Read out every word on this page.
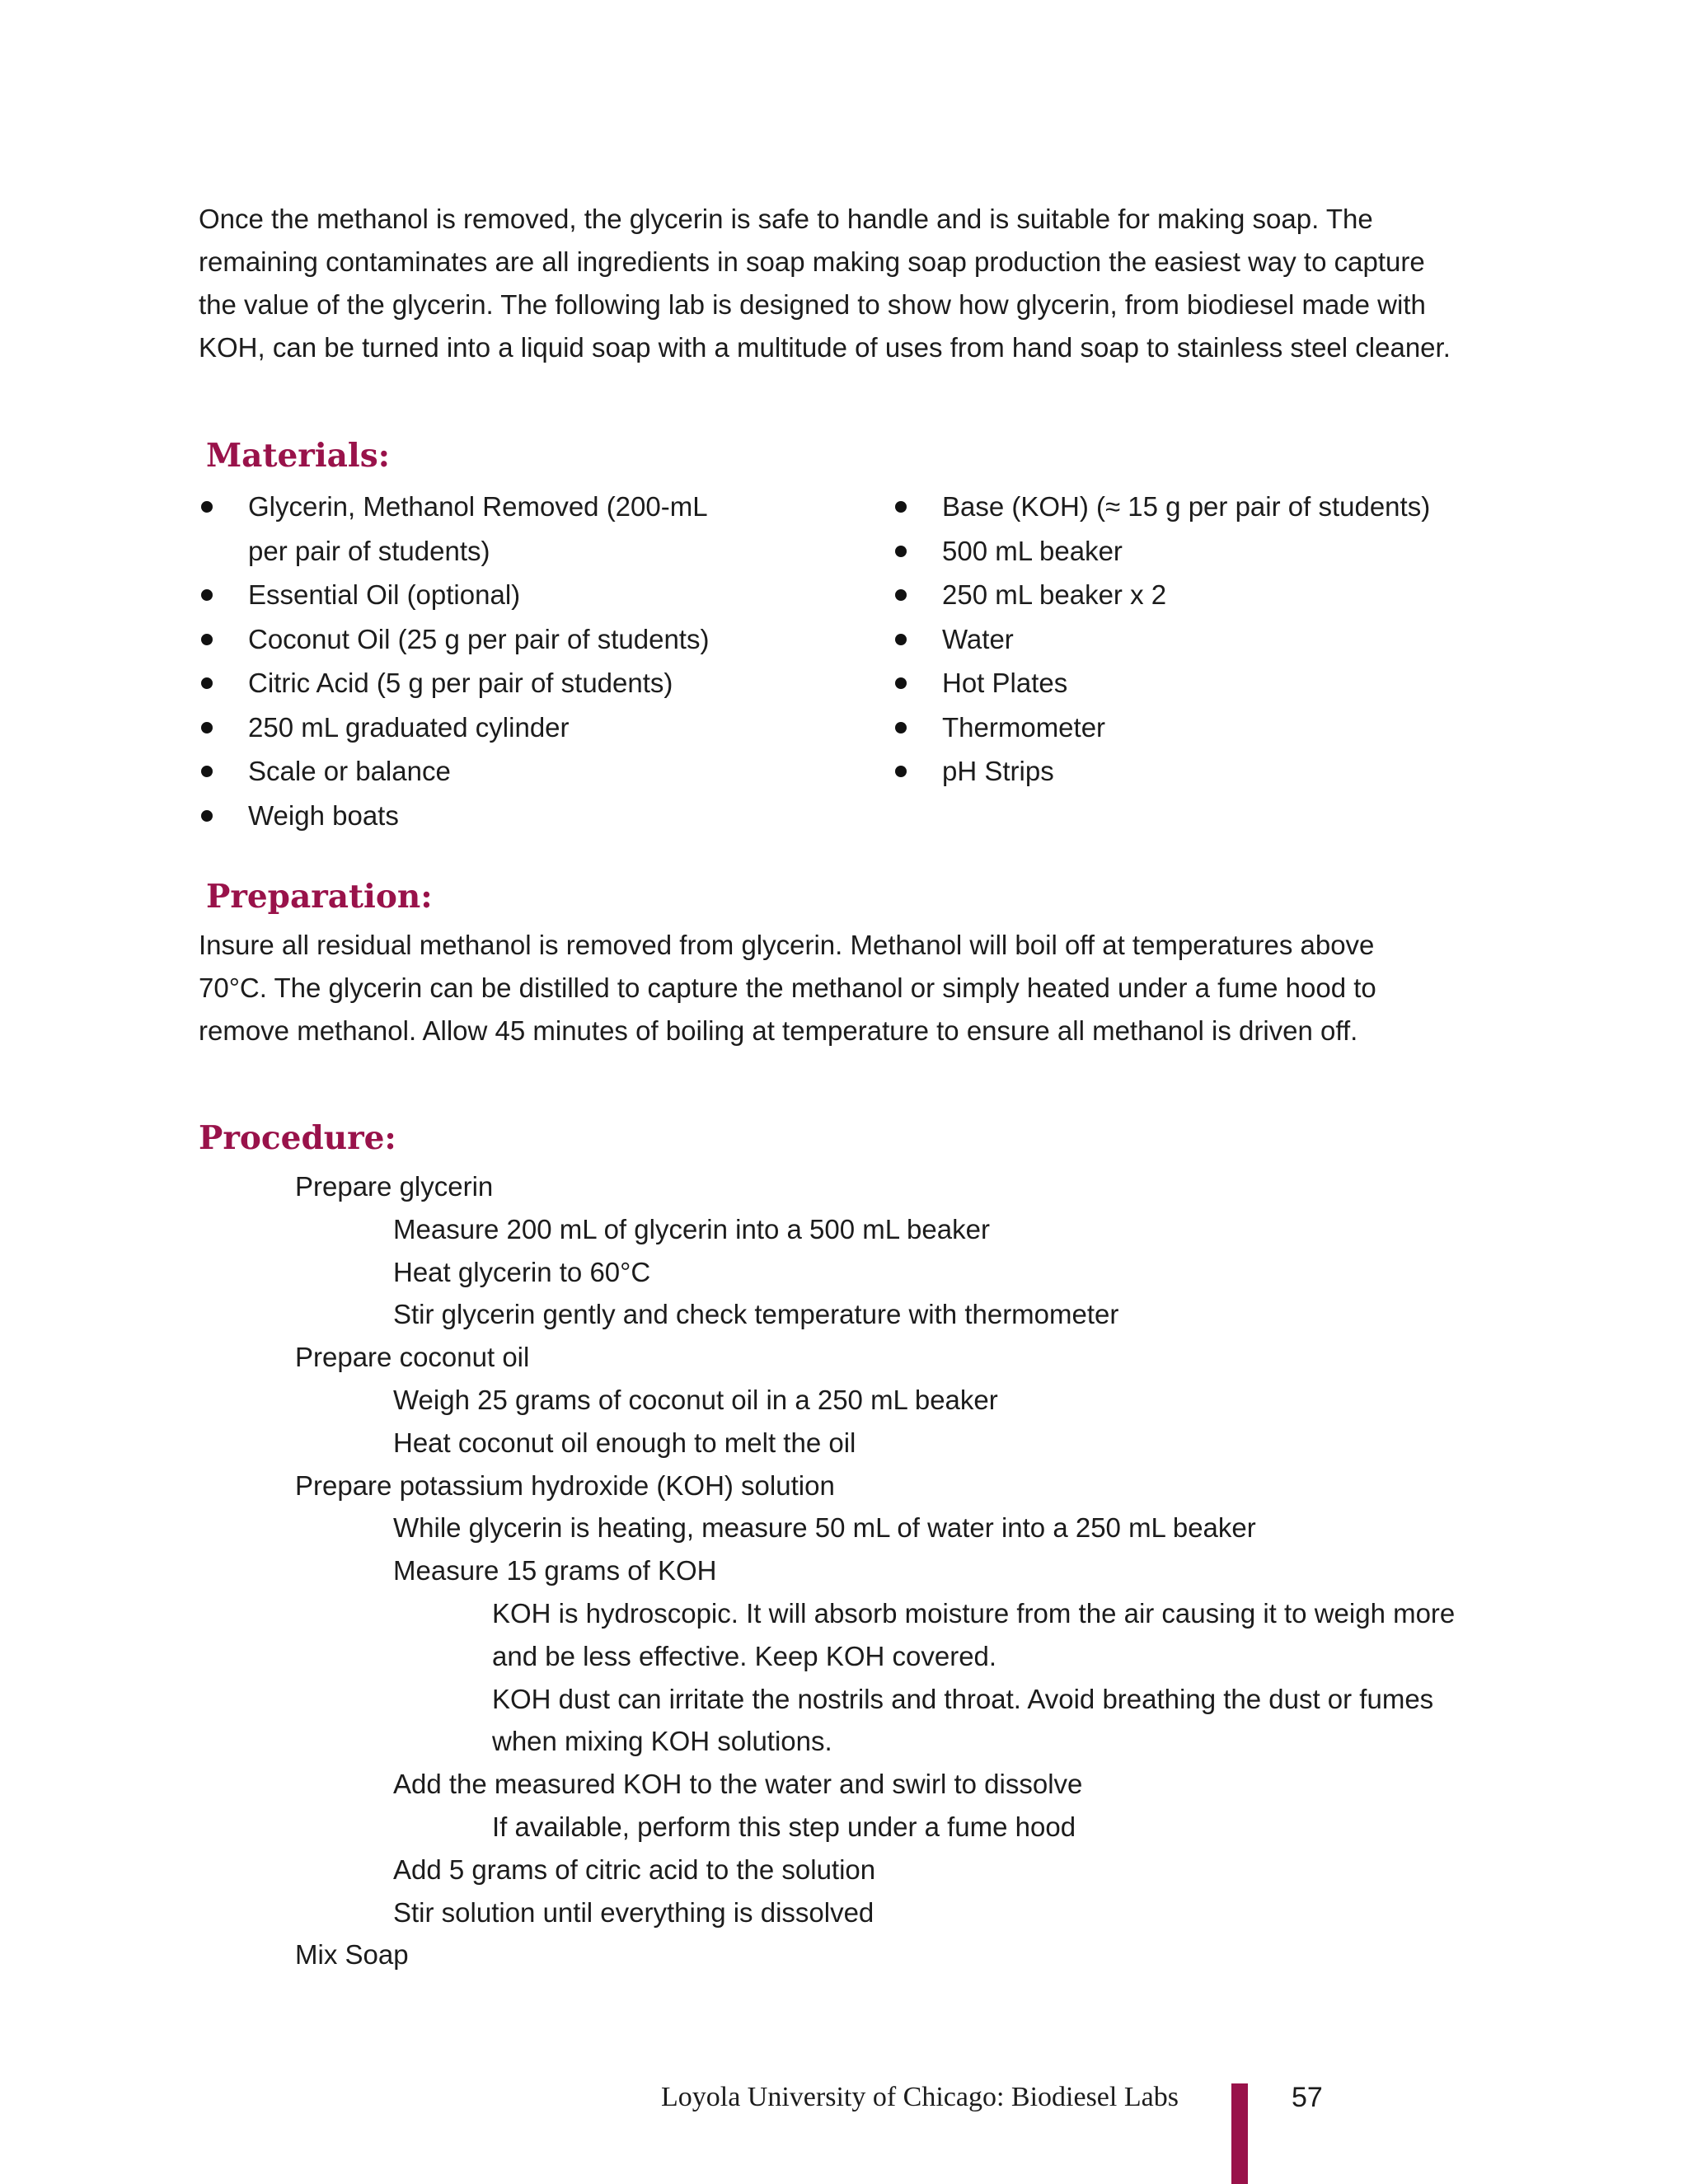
Once the methanol is removed, the glycerin is safe to handle and is suitable for making soap. The
remaining contaminates are all ingredients in soap making soap production the easiest way to capture
the value of the glycerin. The following lab is designed to show how glycerin, from biodiesel made with
KOH, can be turned into a liquid soap with a multitude of uses from hand soap to stainless steel cleaner.
Materials:
Glycerin, Methanol Removed (200-mL
per pair of students)
Essential Oil (optional)
Coconut Oil (25 g per pair of students)
Citric Acid (5 g per pair of students)
250 mL graduated cylinder
Scale or balance
Weigh boats
Base (KOH) (≈ 15 g per pair of students)
500 mL beaker
250 mL beaker x 2
Water
Hot Plates
Thermometer
pH Strips
Preparation:
Insure all residual methanol is removed from glycerin. Methanol will boil off at temperatures above
70°C. The glycerin can be distilled to capture the methanol or simply heated under a fume hood to
remove methanol. Allow 45 minutes of boiling at temperature to ensure all methanol is driven off.
Procedure:
Prepare glycerin
Measure 200 mL of glycerin into a 500 mL beaker
Heat glycerin to 60°C
Stir glycerin gently and check temperature with thermometer
Prepare coconut oil
Weigh 25 grams of coconut oil in a 250 mL beaker
Heat coconut oil enough to melt the oil
Prepare potassium hydroxide (KOH) solution
While glycerin is heating, measure 50 mL of water into a 250 mL beaker
Measure 15 grams of KOH
KOH is hydroscopic. It will absorb moisture from the air causing it to weigh more
and be less effective. Keep KOH covered.
KOH dust can irritate the nostrils and throat. Avoid breathing the dust or fumes
when mixing KOH solutions.
Add the measured KOH to the water and swirl to dissolve
If available, perform this step under a fume hood
Add 5 grams of citric acid to the solution
Stir solution until everything is dissolved
Mix Soap
Loyola University of Chicago: Biodiesel Labs	57
